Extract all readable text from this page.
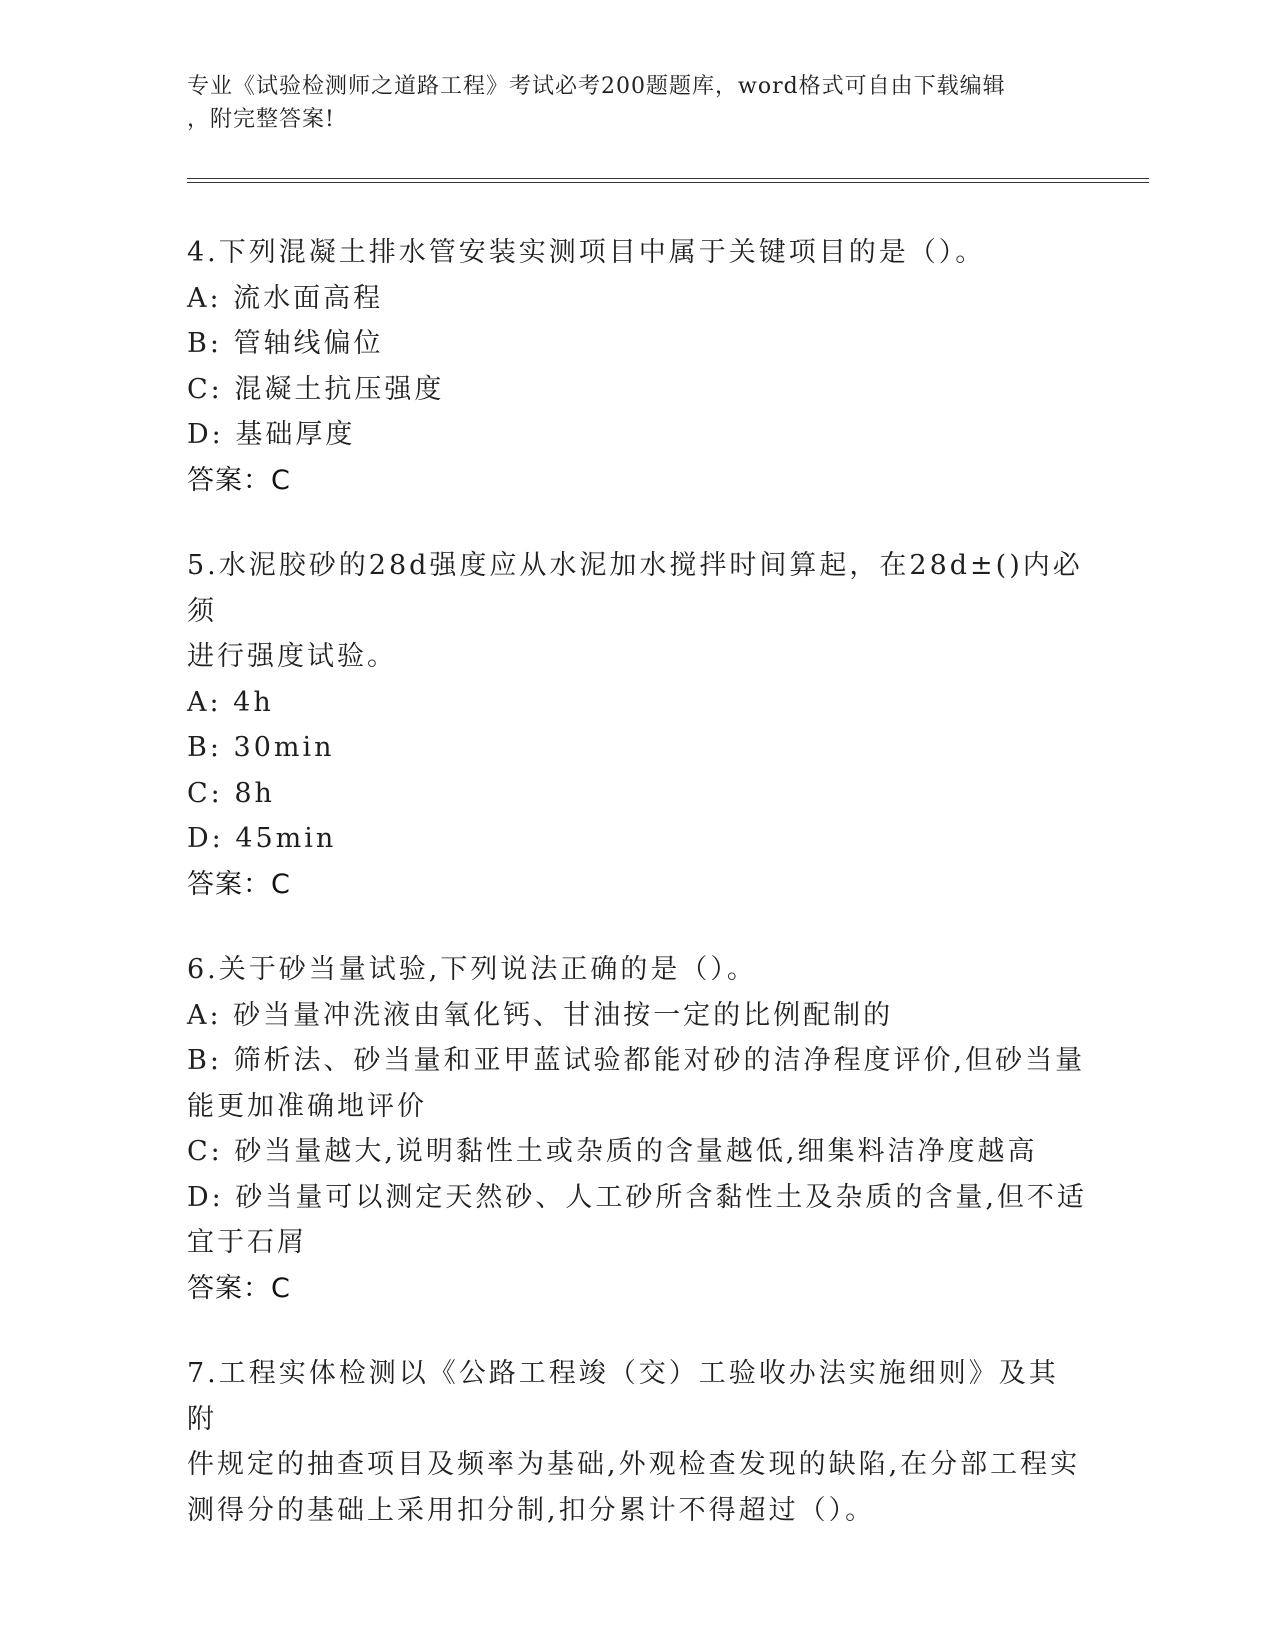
专业《试验检测师之道路工程》考试必考200题题库，word格式可自由下载编辑
，附完整答案!
4.下列混凝土排水管安装实测项目中属于关键项目的是（）。
A: 流水面高程
B: 管轴线偏位
C: 混凝土抗压强度
D: 基础厚度
答案：C
5.水泥胶砂的28d强度应从水泥加水搅拌时间算起，在28d±()内必须
进行强度试验。
A: 4h
B: 30min
C: 8h
D: 45min
答案：C
6.关于砂当量试验,下列说法正确的是（）。
A: 砂当量冲洗液由氧化钙、甘油按一定的比例配制的
B: 筛析法、砂当量和亚甲蓝试验都能对砂的洁净程度评价,但砂当量
能更加准确地评价
C: 砂当量越大,说明黏性土或杂质的含量越低,细集料洁净度越高
D: 砂当量可以测定天然砂、人工砂所含黏性土及杂质的含量,但不适
宜于石屑
答案：C
7.工程实体检测以《公路工程竣（交）工验收办法实施细则》及其附
件规定的抽查项目及频率为基础,外观检查发现的缺陷,在分部工程实
测得分的基础上采用扣分制,扣分累计不得超过（）。
